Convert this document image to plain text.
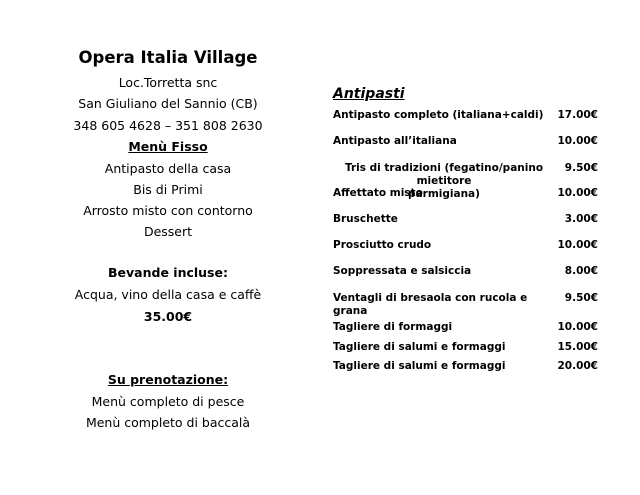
Opera Italia Village
Loc.Torretta snc
San Giuliano del Sannio (CB)
348 605 4628 – 351 808 2630
Menù Fisso
Antipasto della casa
Bis di Primi
Arrosto misto con contorno
Dessert
Bevande incluse:
Acqua, vino della casa e caffè
35.00€
Su prenotazione:
Menù completo di pesce
Menù completo di baccalà
Antipasti
Antipasto completo (italiana+caldi)	17.00€
Antipasto all’italiana	10.00€
Tris di tradizioni (fegatino/panino mietitore
parmigiana)
9.50€
Affettato misto	10.00€
Bruschette	3.00€
Prosciutto crudo	10.00€
Soppressata e salsiccia	8.00€
Ventagli di bresaola con rucola e grana
9.50€
Tagliere di formaggi	10.00€
Tagliere di salumi e formaggi	15.00€
Tagliere di salumi e formaggi	20.00€
